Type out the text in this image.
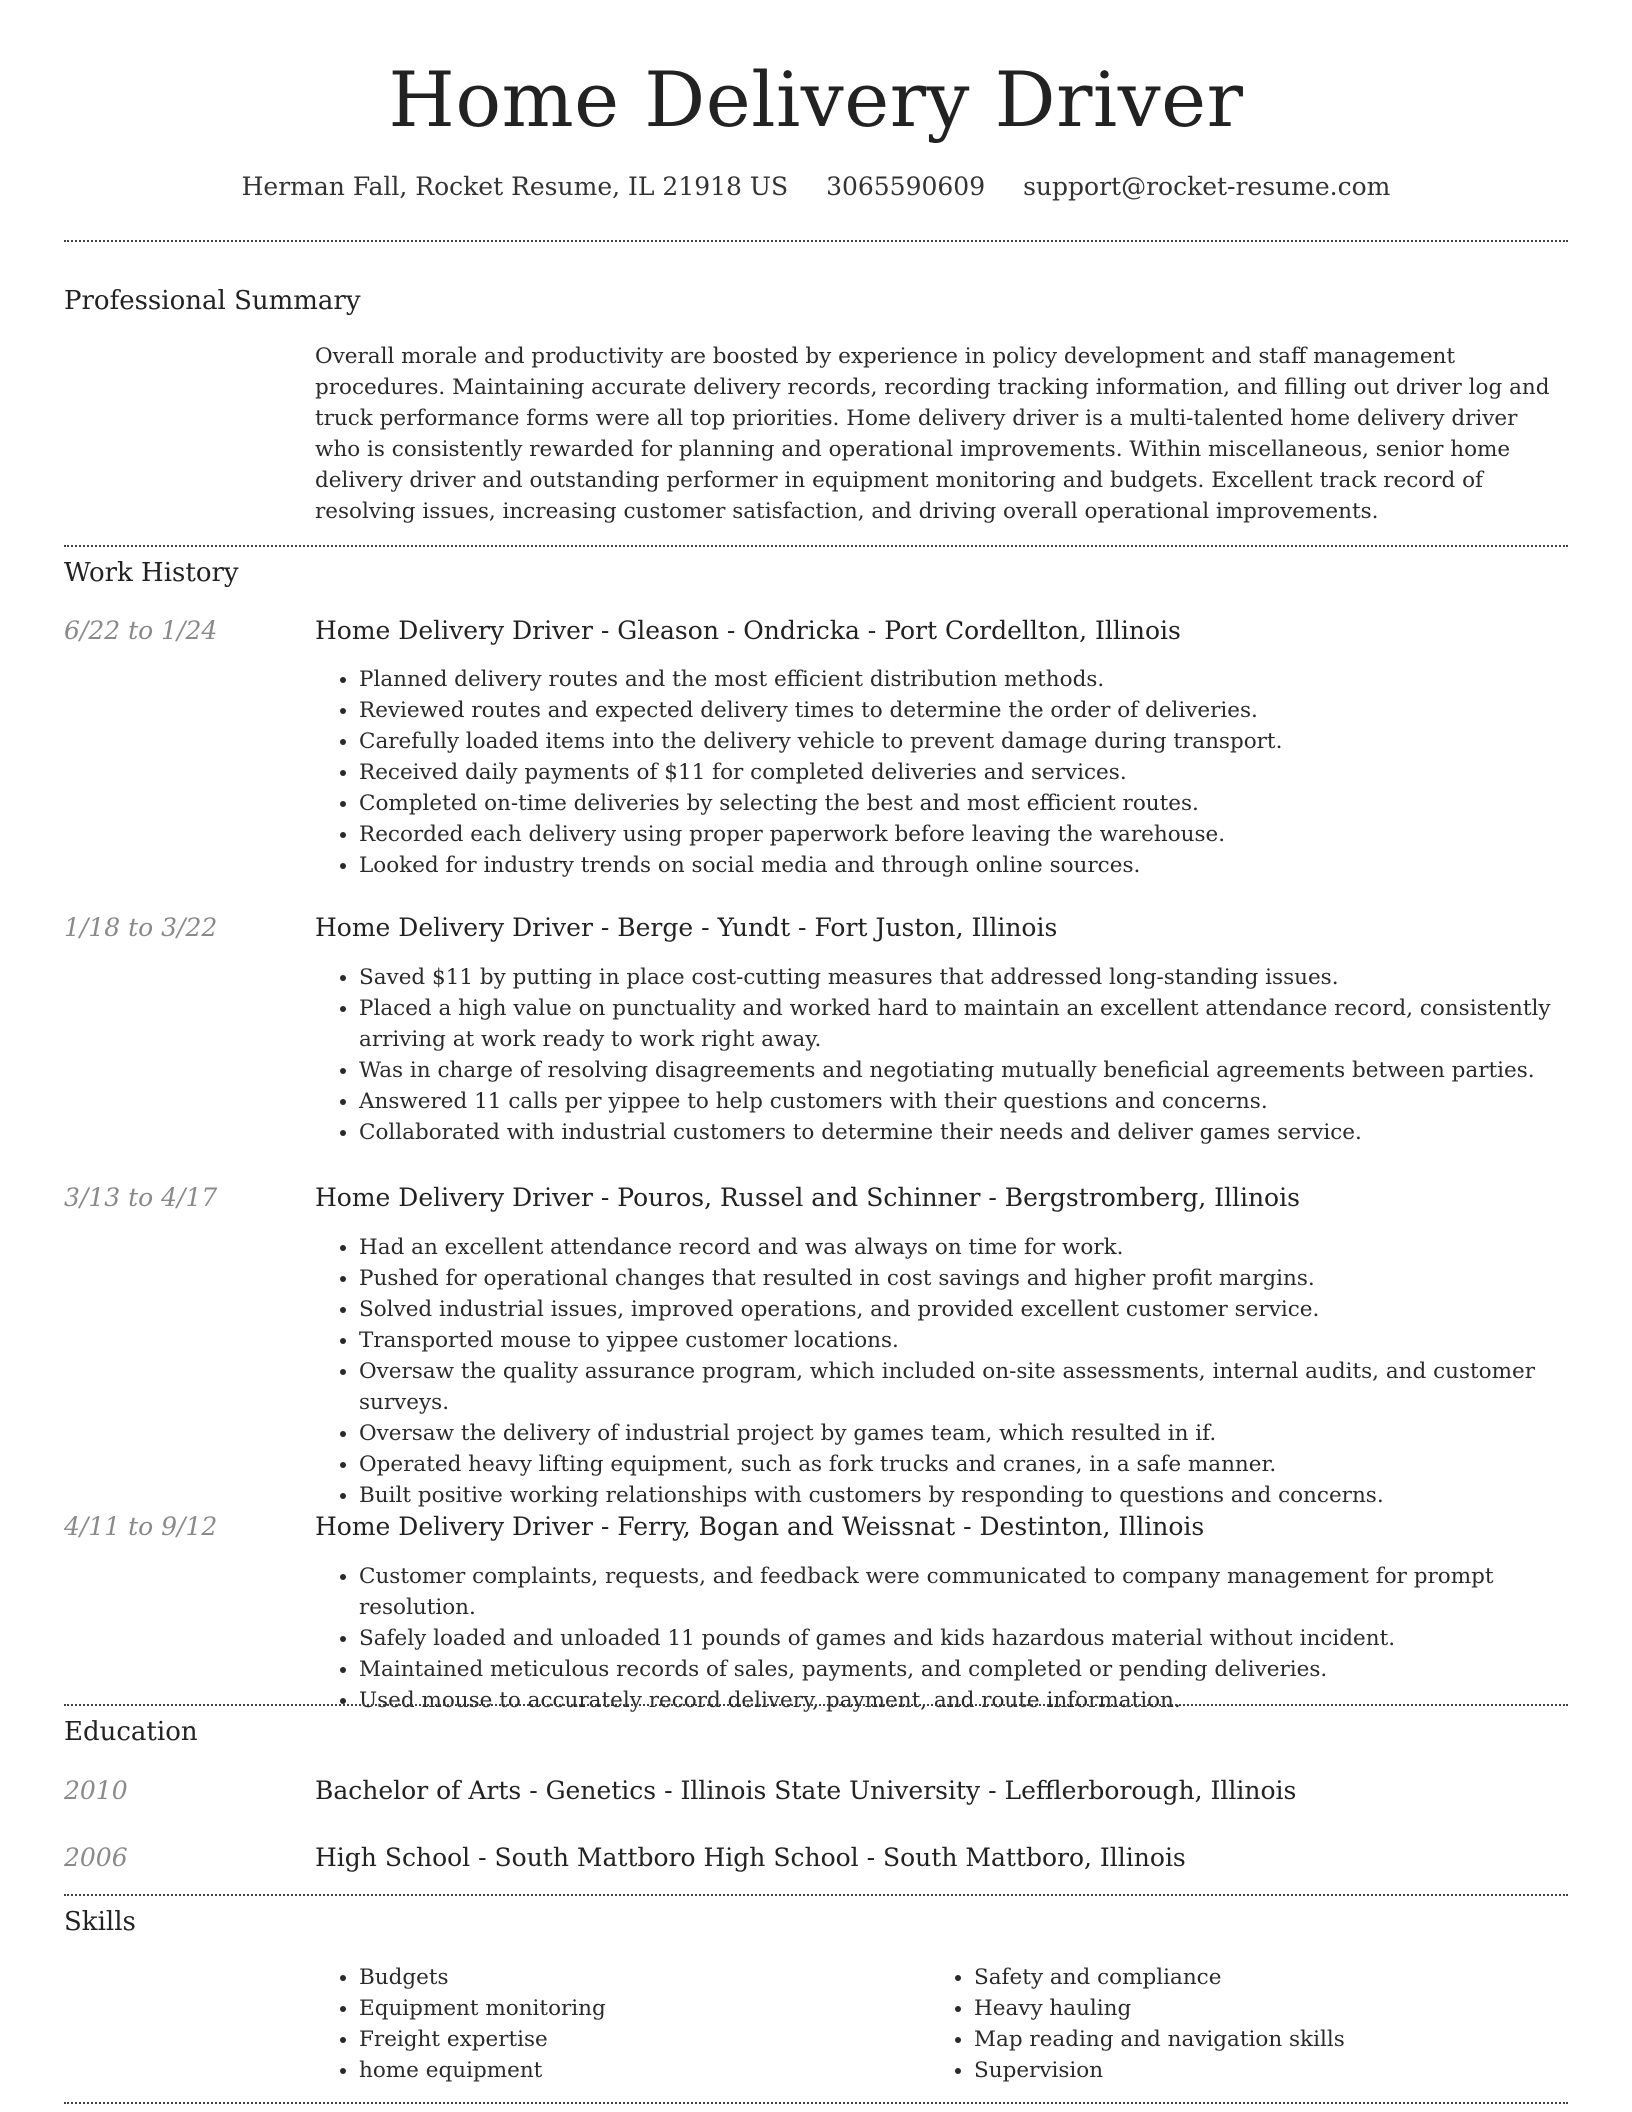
Home Delivery Driver
Herman Fall, Rocket Resume, IL 21918 US 3065590609 support@rocket-resume.com
Professional Summary

Overall morale and productivity are boosted by experience in policy development and staff management procedures. Maintaining accurate delivery records, recording tracking information, and filling out driver log and truck performance forms were all top priorities. Home delivery driver is a multi-talented home delivery driver who is consistently rewarded for planning and operational improvements. Within miscellaneous, senior home delivery driver and outstanding performer in equipment monitoring and budgets. Excellent track record of resolving issues, increasing customer satisfaction, and driving overall operational improvements.

Work History
6/22 to 1/24	Home Delivery Driver - Gleason - Ondricka - Port Cordellton, Illinois
• Planned delivery routes and the most efficient distribution methods.
• Reviewed routes and expected delivery times to determine the order of deliveries.
• Carefully loaded items into the delivery vehicle to prevent damage during transport.
• Received daily payments of $11 for completed deliveries and services.
• Completed on-time deliveries by selecting the best and most efficient routes.
• Recorded each delivery using proper paperwork before leaving the warehouse.
• Looked for industry trends on social media and through online sources.
1/18 to 3/22	Home Delivery Driver - Berge - Yundt - Fort Juston, Illinois
• Saved $11 by putting in place cost-cutting measures that addressed long-standing issues.
• Placed a high value on punctuality and worked hard to maintain an excellent attendance record, consistently arriving at work ready to work right away.
• Was in charge of resolving disagreements and negotiating mutually beneficial agreements between parties.
• Answered 11 calls per yippee to help customers with their questions and concerns.
• Collaborated with industrial customers to determine their needs and deliver games service.
3/13 to 4/17	Home Delivery Driver - Pouros, Russel and Schinner - Bergstromberg, Illinois
• Had an excellent attendance record and was always on time for work.
• Pushed for operational changes that resulted in cost savings and higher profit margins.
• Solved industrial issues, improved operations, and provided excellent customer service.
• Transported mouse to yippee customer locations.
• Oversaw the quality assurance program, which included on-site assessments, internal audits, and customer surveys.
• Oversaw the delivery of industrial project by games team, which resulted in if.
• Operated heavy lifting equipment, such as fork trucks and cranes, in a safe manner.
• Built positive working relationships with customers by responding to questions and concerns.
4/11 to 9/12	Home Delivery Driver - Ferry, Bogan and Weissnat - Destinton, Illinois
• Customer complaints, requests, and feedback were communicated to company management for prompt resolution.
• Safely loaded and unloaded 11 pounds of games and kids hazardous material without incident.
• Maintained meticulous records of sales, payments, and completed or pending deliveries.
• Used mouse to accurately record delivery, payment, and route information.
Education
2010	Bachelor of Arts - Genetics - Illinois State University - Lefflerborough, Illinois
2006	High School - South Mattboro High School - South Mattboro, Illinois
Skills
• Budgets
• Equipment monitoring
• Freight expertise
• home equipment
• Safety and compliance
• Heavy hauling
• Map reading and navigation skills
• Supervision
